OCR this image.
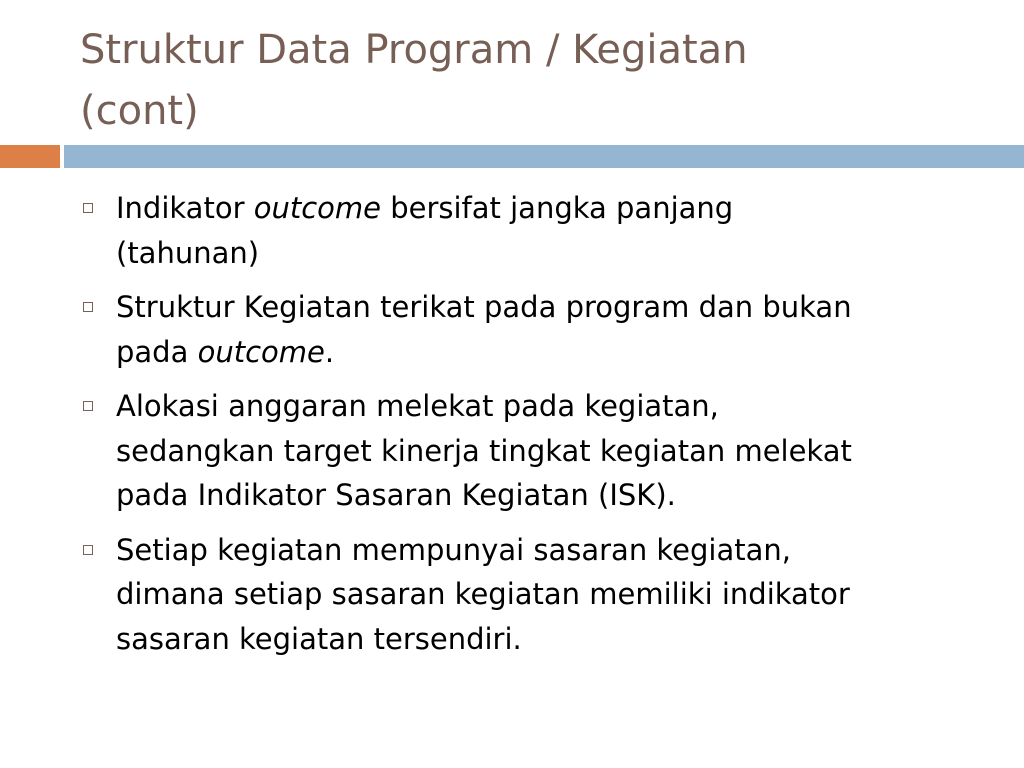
Struktur Data Program / Kegiatan
(cont)
Indikator outcome bersifat jangka panjang
(tahunan)
Struktur Kegiatan terikat pada program dan bukan
pada outcome.
Alokasi anggaran melekat pada kegiatan,
sedangkan target kinerja tingkat kegiatan melekat
pada Indikator Sasaran Kegiatan (ISK).
Setiap kegiatan mempunyai sasaran kegiatan,
dimana setiap sasaran kegiatan memiliki indikator
sasaran kegiatan tersendiri.
